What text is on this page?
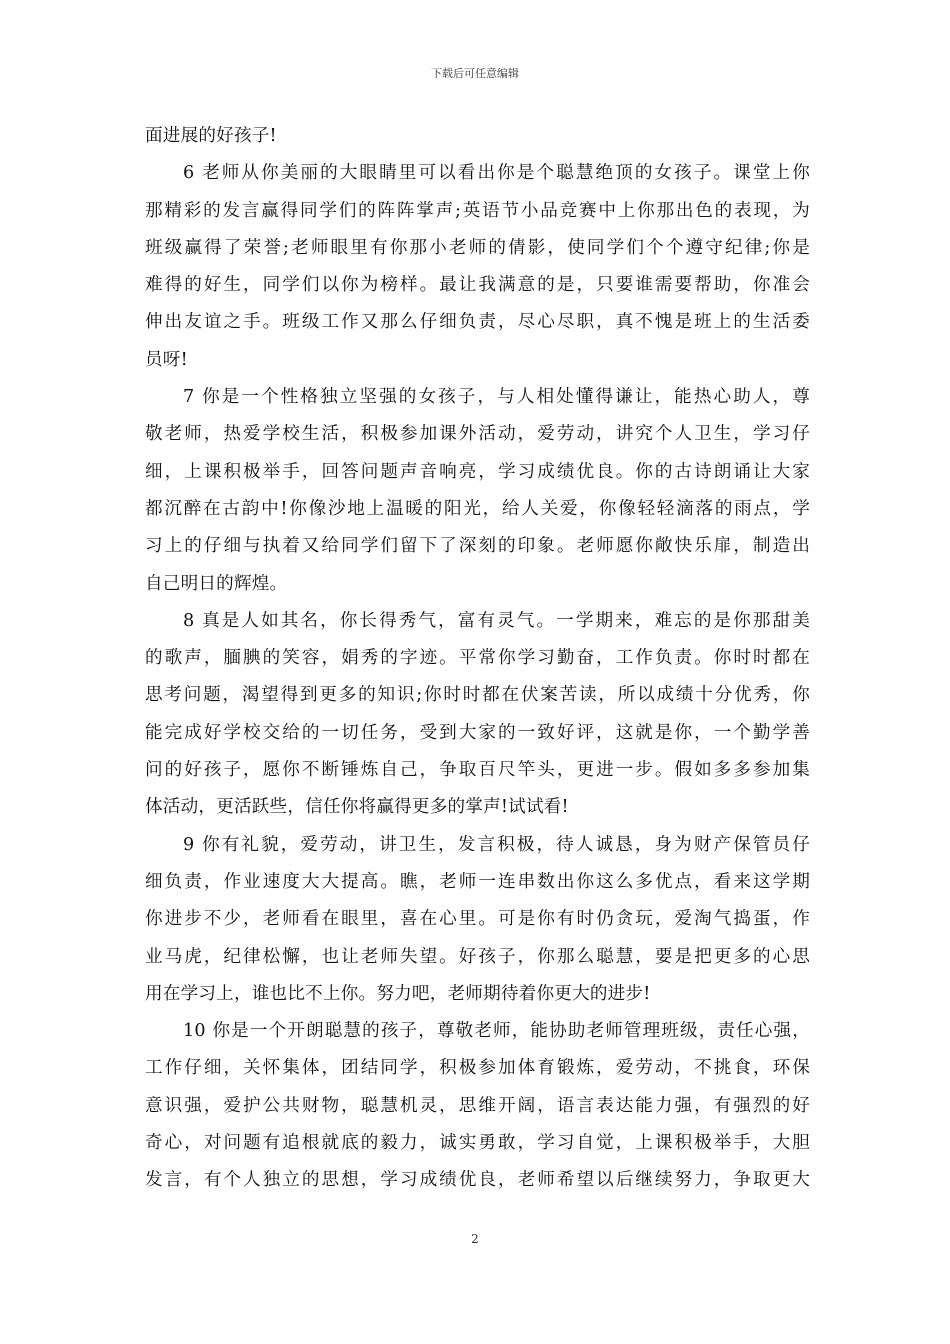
下载后可任意编辑
面进展的好孩子!
6 老师从你美丽的大眼睛里可以看出你是个聪慧绝顶的女孩子。课堂上你
那精彩的发言赢得同学们的阵阵掌声;英语节小品竞赛中上你那出色的表现，为
班级赢得了荣誉;老师眼里有你那小老师的倩影，使同学们个个遵守纪律;你是
难得的好生，同学们以你为榜样。最让我满意的是，只要谁需要帮助，你准会
伸出友谊之手。班级工作又那么仔细负责，尽心尽职，真不愧是班上的生活委
员呀!
7 你是一个性格独立坚强的女孩子，与人相处懂得谦让，能热心助人，尊
敬老师，热爱学校生活，积极参加课外活动，爱劳动，讲究个人卫生，学习仔
细，上课积极举手，回答问题声音响亮，学习成绩优良。你的古诗朗诵让大家
都沉醉在古韵中!你像沙地上温暖的阳光，给人关爱，你像轻轻滴落的雨点，学
习上的仔细与执着又给同学们留下了深刻的印象。老师愿你敞快乐扉，制造出
自己明日的辉煌。
8 真是人如其名，你长得秀气，富有灵气。一学期来，难忘的是你那甜美
的歌声，腼腆的笑容，娟秀的字迹。平常你学习勤奋，工作负责。你时时都在
思考问题，渴望得到更多的知识;你时时都在伏案苦读，所以成绩十分优秀，你
能完成好学校交给的一切任务，受到大家的一致好评，这就是你，一个勤学善
问的好孩子，愿你不断锤炼自己，争取百尺竿头，更进一步。假如多多参加集
体活动，更活跃些，信任你将赢得更多的掌声!试试看!
9 你有礼貌，爱劳动，讲卫生，发言积极，待人诚恳，身为财产保管员仔
细负责，作业速度大大提高。瞧，老师一连串数出你这么多优点，看来这学期
你进步不少，老师看在眼里，喜在心里。可是你有时仍贪玩，爱淘气捣蛋，作
业马虎，纪律松懈，也让老师失望。好孩子，你那么聪慧，要是把更多的心思
用在学习上，谁也比不上你。努力吧，老师期待着你更大的进步!
10 你是一个开朗聪慧的孩子，尊敬老师，能协助老师管理班级，责任心强，
工作仔细，关怀集体，团结同学，积极参加体育锻炼，爱劳动，不挑食，环保
意识强，爱护公共财物，聪慧机灵，思维开阔，语言表达能力强，有强烈的好
奇心，对问题有追根就底的毅力，诚实勇敢，学习自觉，上课积极举手，大胆
发言，有个人独立的思想，学习成绩优良，老师希望以后继续努力，争取更大
2
